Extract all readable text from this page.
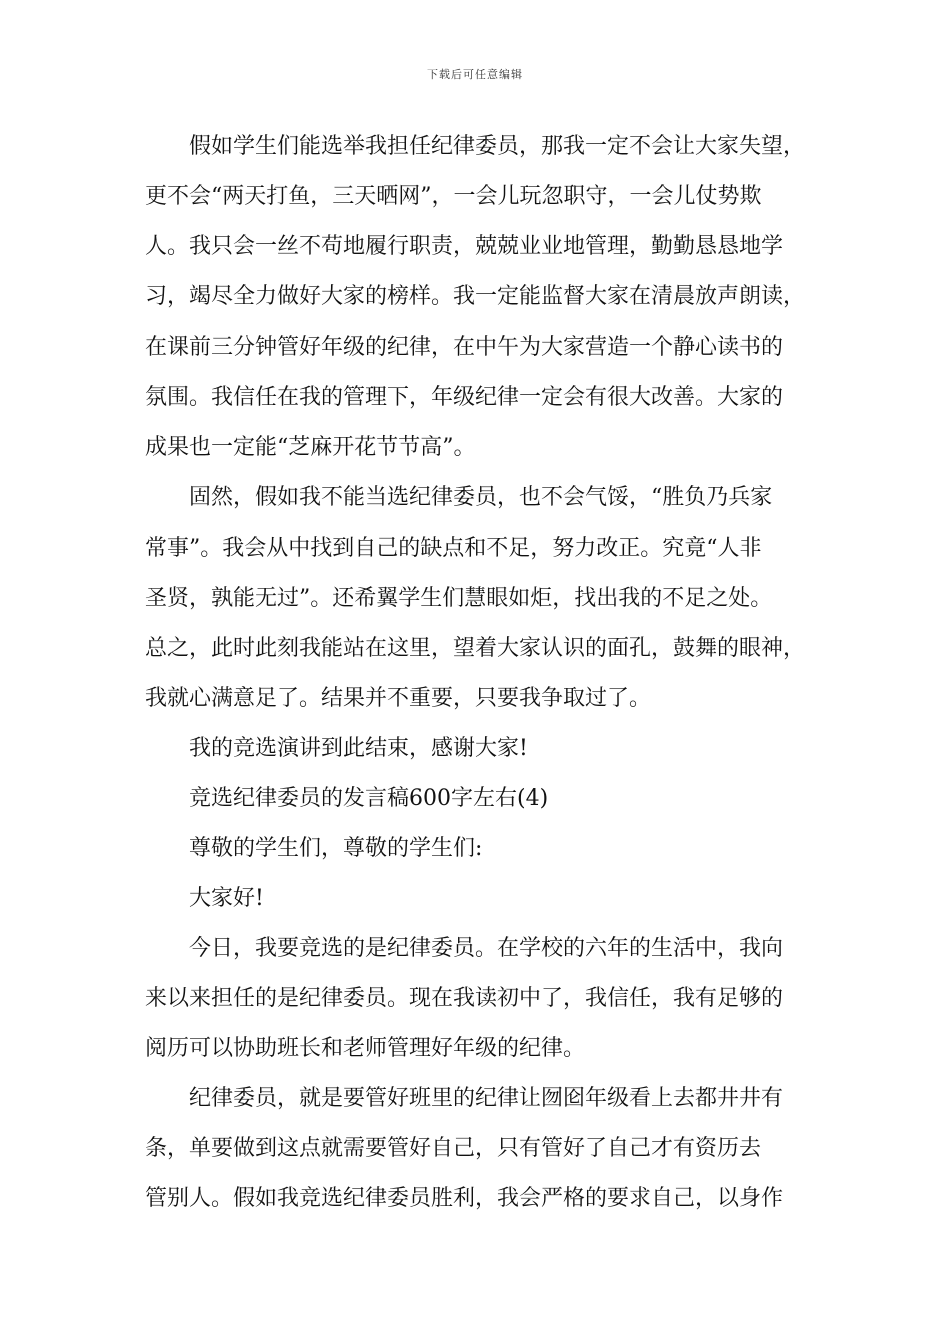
下载后可任意编辑
假如学生们能选举我担任纪律委员，那我一定不会让大家失望，
更不会“两天打鱼，三天晒网”，一会儿玩忽职守，一会儿仗势欺
人。我只会一丝不苟地履行职责，兢兢业业地管理，勤勤恳恳地学
习，竭尽全力做好大家的榜样。我一定能监督大家在清晨放声朗读，
在课前三分钟管好年级的纪律，在中午为大家营造一个静心读书的
氛围。我信任在我的管理下，年级纪律一定会有很大改善。大家的
成果也一定能“芝麻开花节节高”。
固然，假如我不能当选纪律委员，也不会气馁，“胜负乃兵家
常事”。我会从中找到自己的缺点和不足，努力改正。究竟“人非
圣贤，孰能无过”。还希翼学生们慧眼如炬，找出我的不足之处。
总之，此时此刻我能站在这里，望着大家认识的面孔，鼓舞的眼神，
我就心满意足了。结果并不重要，只要我争取过了。
我的竞选演讲到此结束，感谢大家!
竞选纪律委员的发言稿600字左右(4)
尊敬的学生们，尊敬的学生们:
大家好!
今日，我要竞选的是纪律委员。在学校的六年的生活中，我向
来以来担任的是纪律委员。现在我读初中了，我信任，我有足够的
阅历可以协助班长和老师管理好年级的纪律。
纪律委员，就是要管好班里的纪律让囫囵年级看上去都井井有
条，单要做到这点就需要管好自己，只有管好了自己才有资历去
管别人。假如我竞选纪律委员胜利，我会严格的要求自己，以身作
